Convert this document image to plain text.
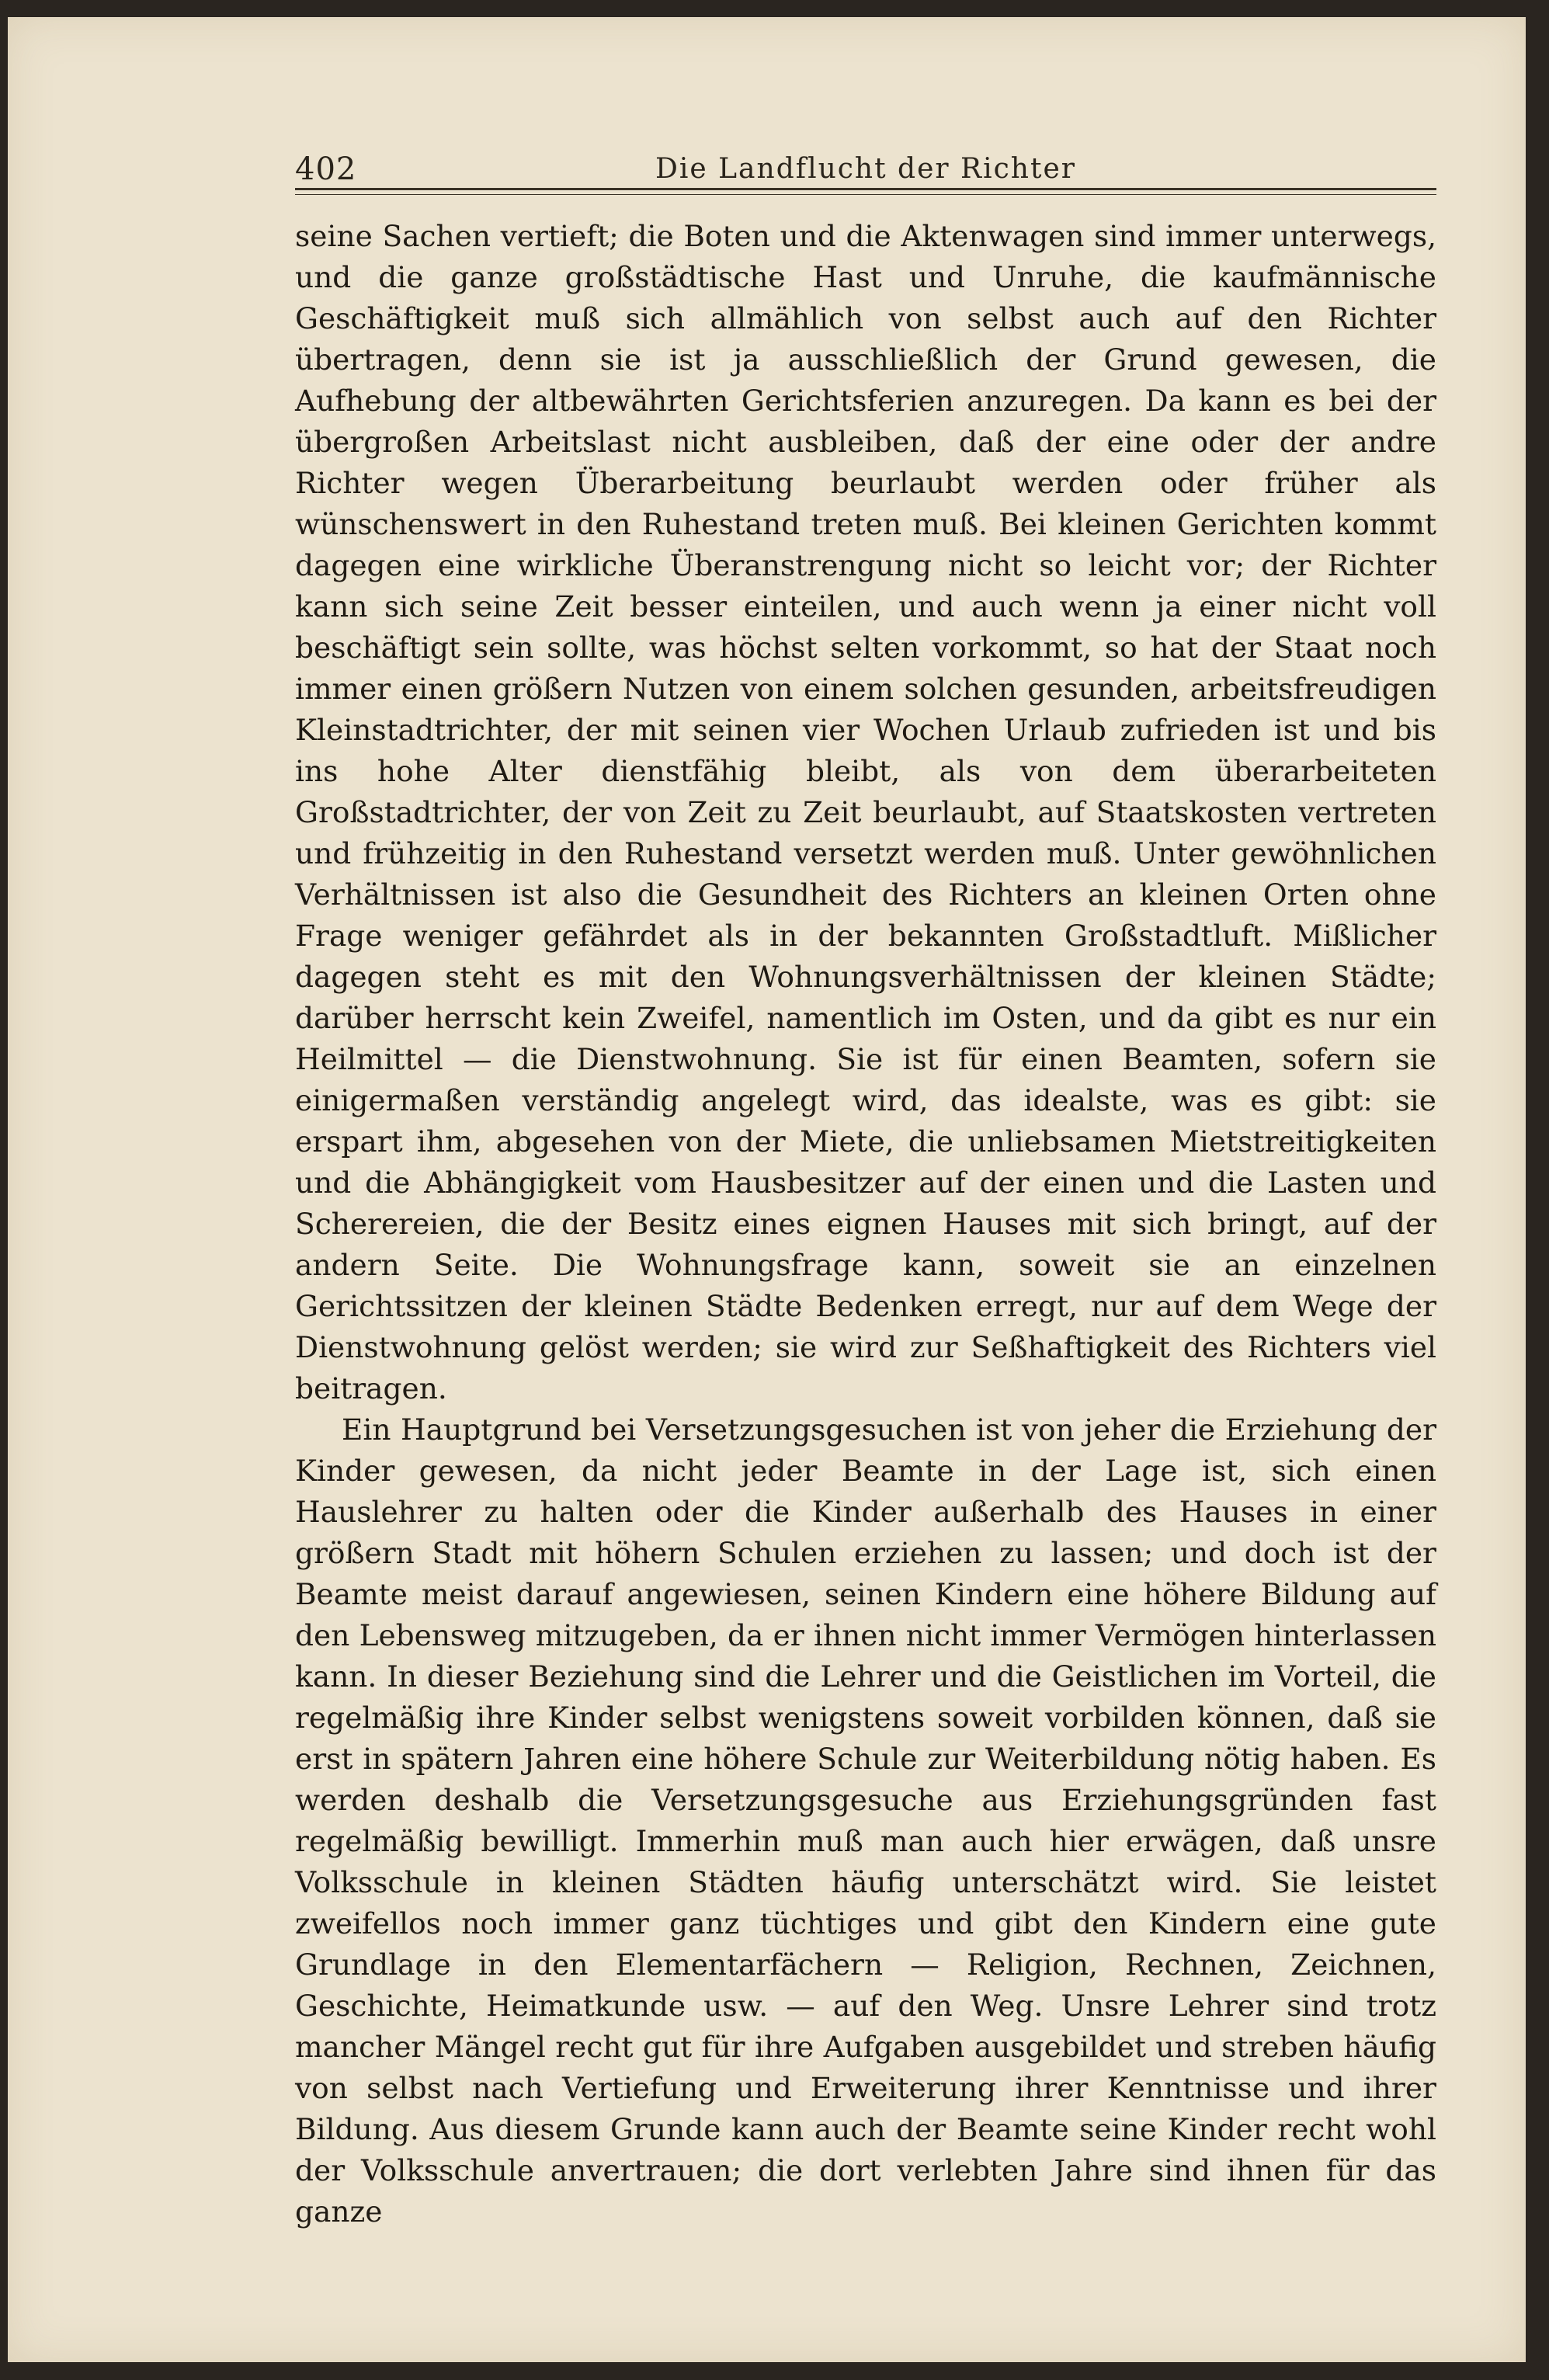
402	Die Landflucht der Richter

seine Sachen vertieft; die Boten und die Aktenwagen sind immer unterwegs, und die ganze großstädtische Hast und Unruhe, die kaufmännische Geschäftigkeit muß sich allmählich von selbst auch auf den Richter übertragen, denn sie ist ja ausschließlich der Grund gewesen, die Aufhebung der altbewährten Gerichtsferien anzuregen. Da kann es bei der übergroßen Arbeitslast nicht ausbleiben, daß der eine oder der andre Richter wegen Überarbeitung beurlaubt werden oder früher als wünschenswert in den Ruhestand treten muß. Bei kleinen Gerichten kommt dagegen eine wirkliche Überanstrengung nicht so leicht vor; der Richter kann sich seine Zeit besser einteilen, und auch wenn ja einer nicht voll beschäftigt sein sollte, was höchst selten vorkommt, so hat der Staat noch immer einen größern Nutzen von einem solchen gesunden, arbeitsfreudigen Kleinstadtrichter, der mit seinen vier Wochen Urlaub zufrieden ist und bis ins hohe Alter dienstfähig bleibt, als von dem überarbeiteten Großstadtrichter, der von Zeit zu Zeit beurlaubt, auf Staatskosten vertreten und frühzeitig in den Ruhestand versetzt werden muß. Unter gewöhnlichen Verhältnissen ist also die Gesundheit des Richters an kleinen Orten ohne Frage weniger gefährdet als in der bekannten Großstadtluft. Mißlicher dagegen steht es mit den Wohnungsverhältnissen der kleinen Städte; darüber herrscht kein Zweifel, namentlich im Osten, und da gibt es nur ein Heilmittel — die Dienstwohnung. Sie ist für einen Beamten, sofern sie einigermaßen verständig angelegt wird, das idealste, was es gibt: sie erspart ihm, abgesehen von der Miete, die unliebsamen Mietstreitigkeiten und die Abhängigkeit vom Hausbesitzer auf der einen und die Lasten und Scherereien, die der Besitz eines eignen Hauses mit sich bringt, auf der andern Seite. Die Wohnungsfrage kann, soweit sie an einzelnen Gerichtssitzen der kleinen Städte Bedenken erregt, nur auf dem Wege der Dienstwohnung gelöst werden; sie wird zur Seßhaftigkeit des Richters viel beitragen.

Ein Hauptgrund bei Versetzungsgesuchen ist von jeher die Erziehung der Kinder gewesen, da nicht jeder Beamte in der Lage ist, sich einen Hauslehrer zu halten oder die Kinder außerhalb des Hauses in einer größern Stadt mit höhern Schulen erziehen zu lassen; und doch ist der Beamte meist darauf angewiesen, seinen Kindern eine höhere Bildung auf den Lebensweg mitzugeben, da er ihnen nicht immer Vermögen hinterlassen kann. In dieser Beziehung sind die Lehrer und die Geistlichen im Vorteil, die regelmäßig ihre Kinder selbst wenigstens soweit vorbilden können, daß sie erst in spätern Jahren eine höhere Schule zur Weiterbildung nötig haben. Es werden deshalb die Versetzungsgesuche aus Erziehungsgründen fast regelmäßig bewilligt. Immerhin muß man auch hier erwägen, daß unsre Volksschule in kleinen Städten häufig unterschätzt wird. Sie leistet zweifellos noch immer ganz tüchtiges und gibt den Kindern eine gute Grundlage in den Elementarfächern — Religion, Rechnen, Zeichnen, Geschichte, Heimatkunde usw. — auf den Weg. Unsre Lehrer sind trotz mancher Mängel recht gut für ihre Aufgaben ausgebildet und streben häufig von selbst nach Vertiefung und Erweiterung ihrer Kenntnisse und ihrer Bildung. Aus diesem Grunde kann auch der Beamte seine Kinder recht wohl der Volksschule anvertrauen; die dort verlebten Jahre sind ihnen für das ganze
